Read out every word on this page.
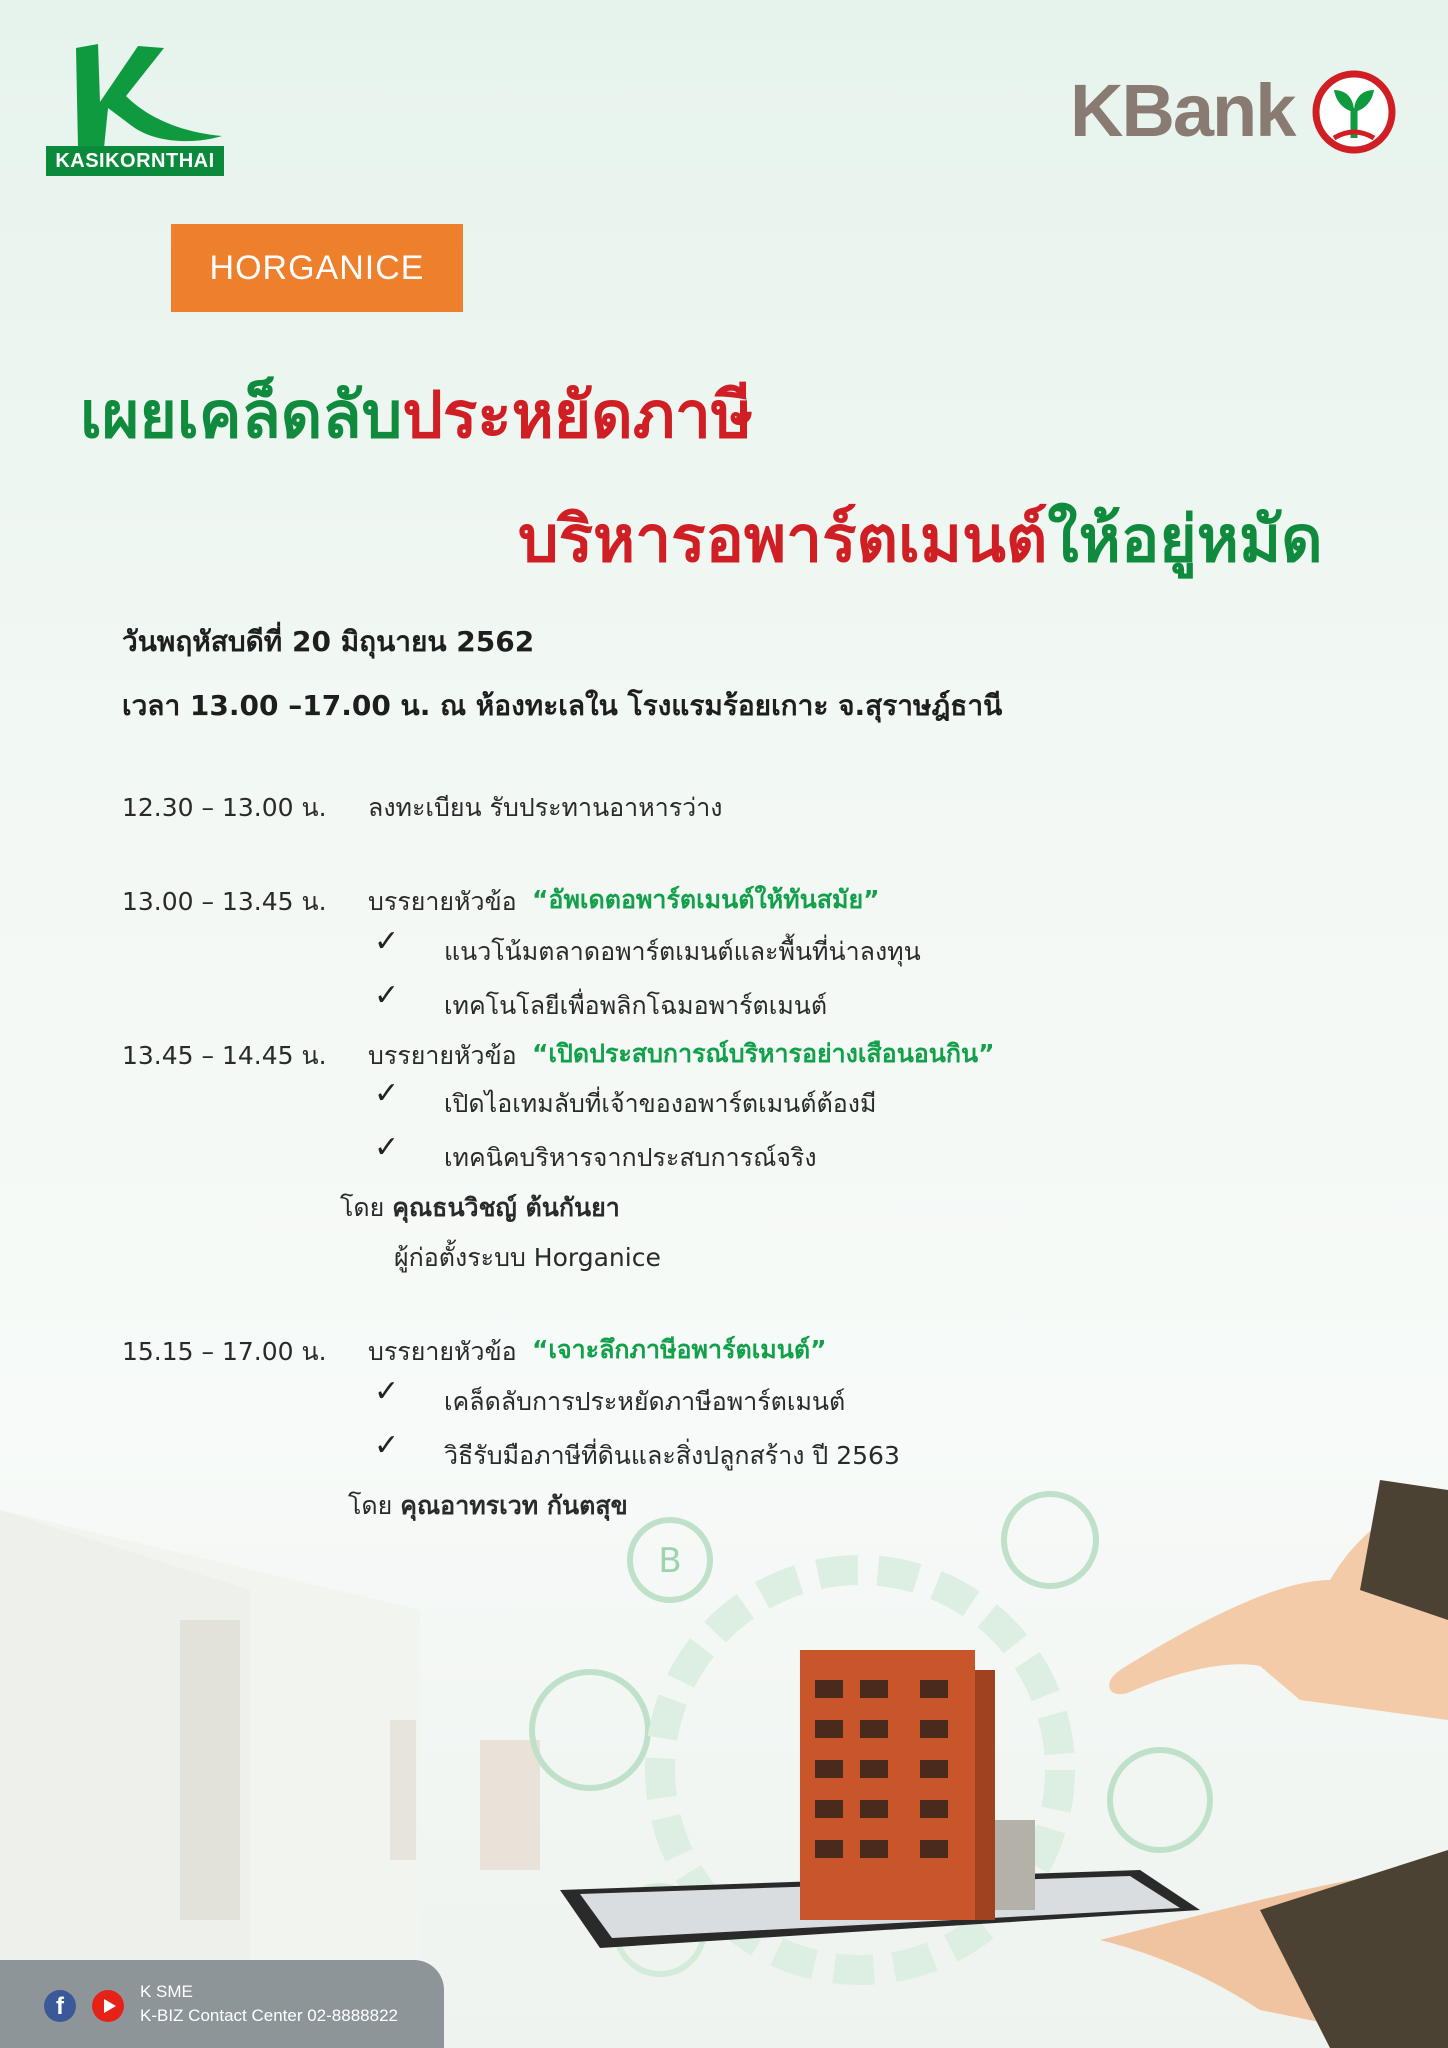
KASIKORNTHAI
KBank
HORGANICE
เผยเคล็ดลับประหยัดภาษี
บริหารอพาร์ตเมนต์ให้อยู่หมัด
วันพฤหัสบดีที่ 20 มิถุนายน 2562
เวลา 13.00 –17.00 น. ณ ห้องทะเลใน โรงแรมร้อยเกาะ จ.สุราษฎ์ธานี
12.30 – 13.00 น. ลงทะเบียน รับประทานอาหารว่าง
13.00 – 13.45 น. บรรยายหัวข้อ “อัพเดตอพาร์ตเมนต์ให้ทันสมัย”
✓ แนวโน้มตลาดอพาร์ตเมนต์และพื้นที่น่าลงทุน
✓ เทคโนโลยีเพื่อพลิกโฉมอพาร์ตเมนต์
13.45 – 14.45 น. บรรยายหัวข้อ “เปิดประสบการณ์บริหารอย่างเสือนอนกิน”
✓ เปิดไอเทมลับที่เจ้าของอพาร์ตเมนต์ต้องมี
✓ เทคนิคบริหารจากประสบการณ์จริง
โดย คุณธนวิชญ์ ต้นกันยา
ผู้ก่อตั้งระบบ Horganice
15.15 – 17.00 น. บรรยายหัวข้อ “เจาะลึกภาษีอพาร์ตเมนต์”
✓ เคล็ดลับการประหยัดภาษีอพาร์ตเมนต์
✓ วิธีรับมือภาษีที่ดินและสิ่งปลูกสร้าง ปี 2563
โดย คุณอาทรเวท กันตสุข
B
f
K SME
K-BIZ Contact Center 02-8888822
